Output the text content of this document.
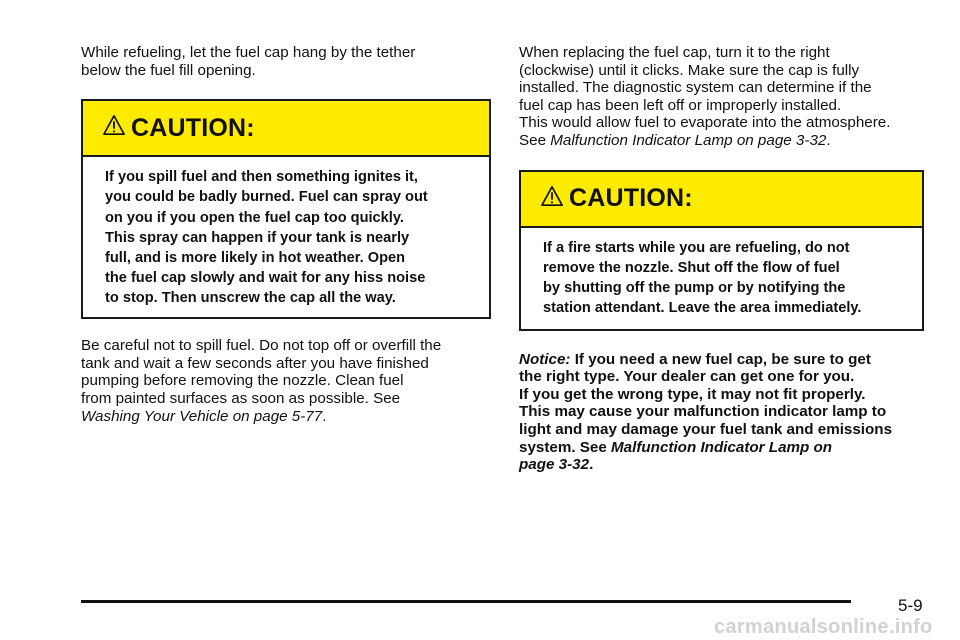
While refueling, let the fuel cap hang by the tether
below the fuel fill opening.

CAUTION:
If you spill fuel and then something ignites it,
you could be badly burned. Fuel can spray out
on you if you open the fuel cap too quickly.
This spray can happen if your tank is nearly
full, and is more likely in hot weather. Open
the fuel cap slowly and wait for any hiss noise
to stop. Then unscrew the cap all the way.

Be careful not to spill fuel. Do not top off or overfill the
tank and wait a few seconds after you have finished
pumping before removing the nozzle. Clean fuel
from painted surfaces as soon as possible. See
Washing Your Vehicle on page 5-77.

When replacing the fuel cap, turn it to the right
(clockwise) until it clicks. Make sure the cap is fully
installed. The diagnostic system can determine if the
fuel cap has been left off or improperly installed.
This would allow fuel to evaporate into the atmosphere.
See Malfunction Indicator Lamp on page 3-32.

CAUTION:
If a fire starts while you are refueling, do not
remove the nozzle. Shut off the flow of fuel
by shutting off the pump or by notifying the
station attendant. Leave the area immediately.

Notice: If you need a new fuel cap, be sure to get
the right type. Your dealer can get one for you.
If you get the wrong type, it may not fit properly.
This may cause your malfunction indicator lamp to
light and may damage your fuel tank and emissions
system. See Malfunction Indicator Lamp on
page 3-32.

5-9
carmanualsonline.info
